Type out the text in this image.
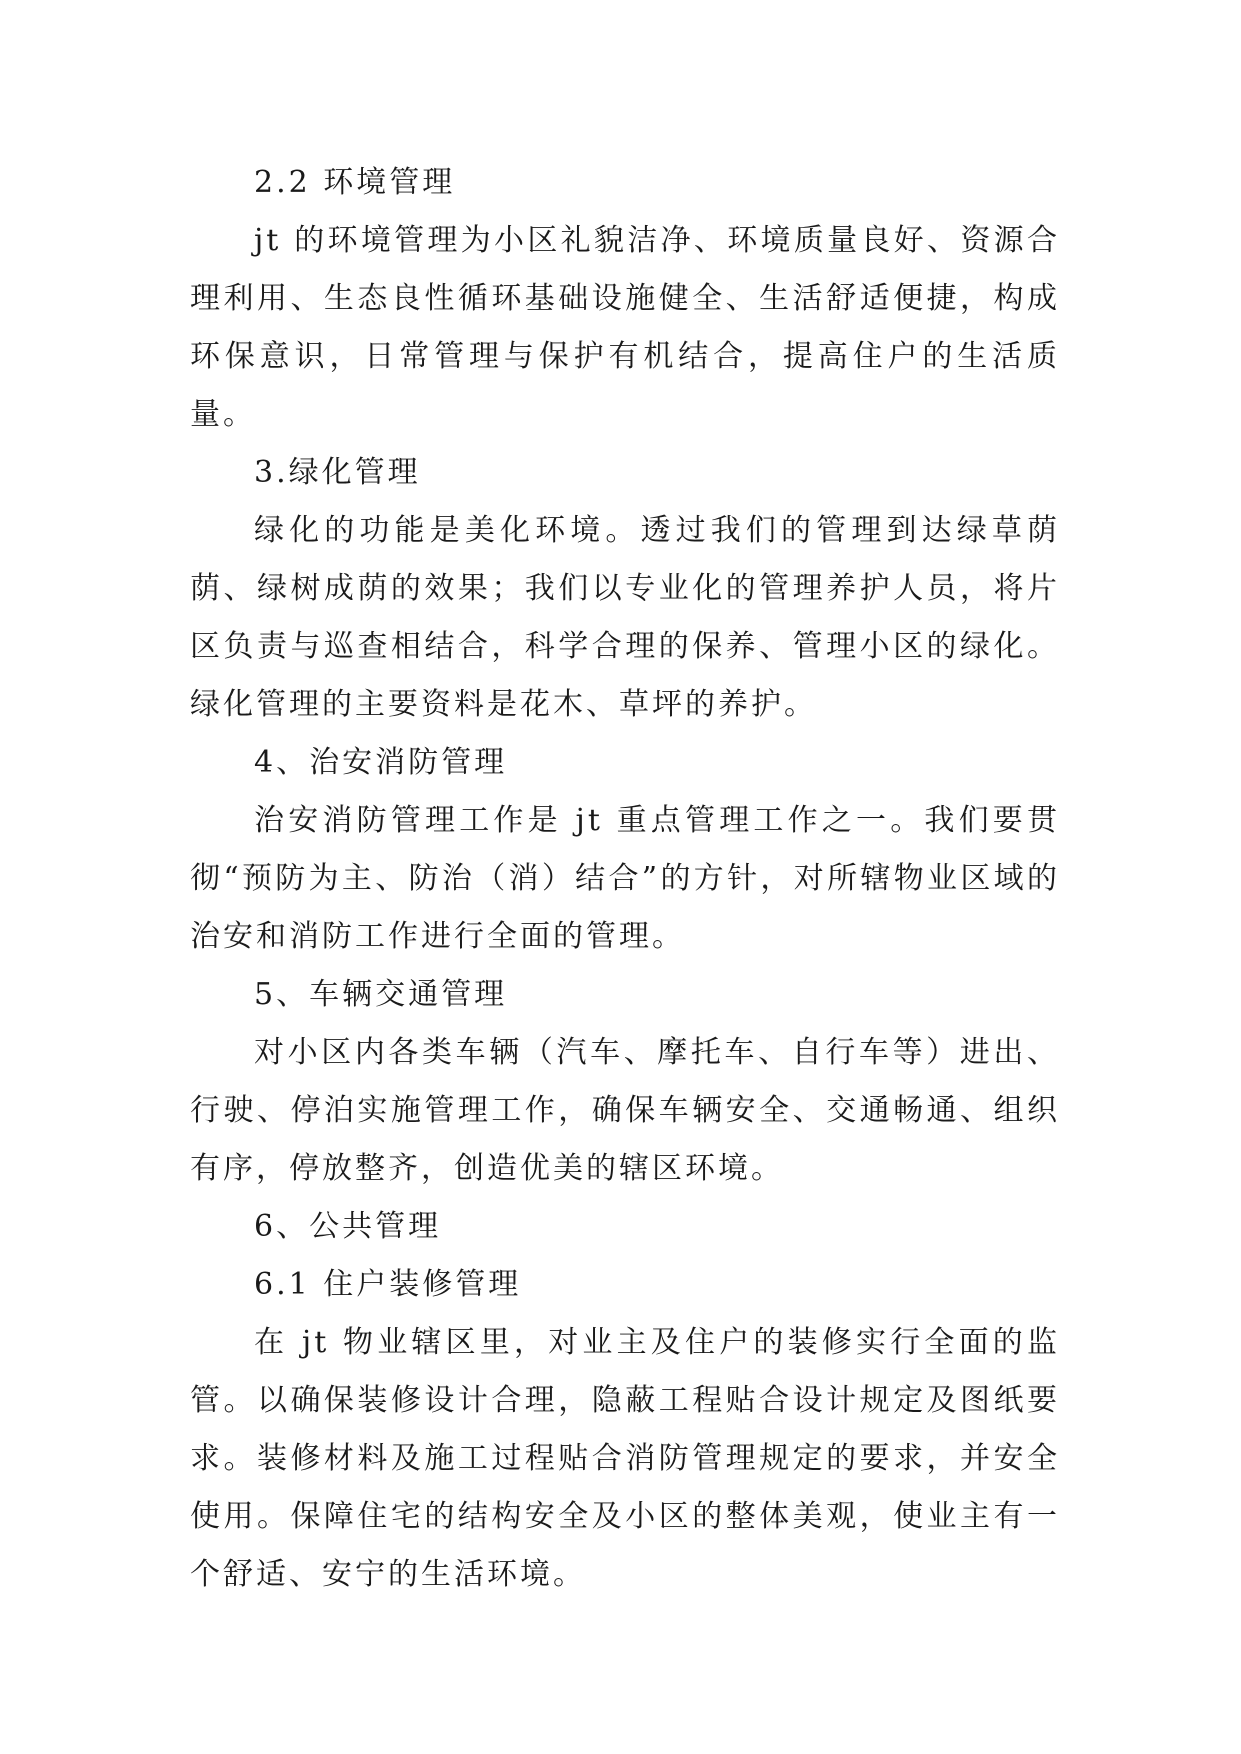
2.2 环境管理

jt 的环境管理为小区礼貌洁净、环境质量良好、资源合理利用、生态良性循环基础设施健全、生活舒适便捷，构成环保意识，日常管理与保护有机结合，提高住户的生活质量。

3.绿化管理

绿化的功能是美化环境。透过我们的管理到达绿草荫荫、绿树成荫的效果；我们以专业化的管理养护人员，将片区负责与巡查相结合，科学合理的保养、管理小区的绿化。绿化管理的主要资料是花木、草坪的养护。

4、治安消防管理

治安消防管理工作是 jt 重点管理工作之一。我们要贯彻“预防为主、防治（消）结合”的方针，对所辖物业区域的治安和消防工作进行全面的管理。

5、车辆交通管理

对小区内各类车辆（汽车、摩托车、自行车等）进出、行驶、停泊实施管理工作，确保车辆安全、交通畅通、组织有序，停放整齐，创造优美的辖区环境。

6、公共管理

6.1 住户装修管理

在 jt 物业辖区里，对业主及住户的装修实行全面的监管。以确保装修设计合理，隐蔽工程贴合设计规定及图纸要求。装修材料及施工过程贴合消防管理规定的要求，并安全使用。保障住宅的结构安全及小区的整体美观，使业主有一个舒适、安宁的生活环境。
